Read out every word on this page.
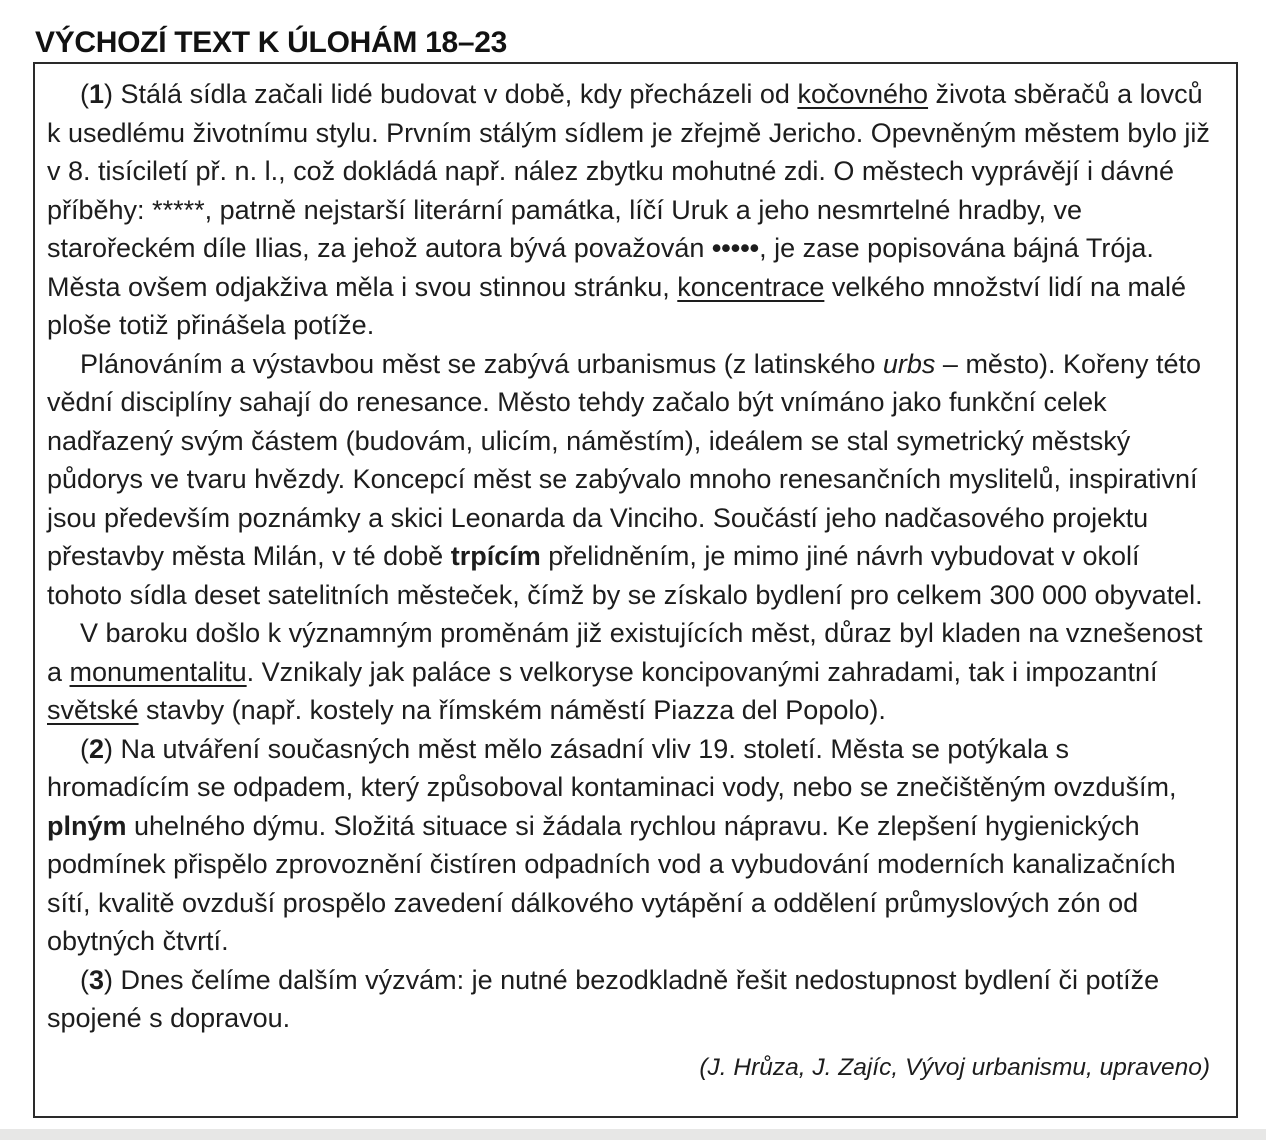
VÝCHOZÍ TEXT K ÚLOHÁM 18–23

(1) Stálá sídla začali lidé budovat v době, kdy přecházeli od kočovného života sběračů a lovců k usedlému životnímu stylu. Prvním stálým sídlem je zřejmě Jericho. Opevněným městem bylo již v 8. tisíciletí př. n. l., což dokládá např. nález zbytku mohutné zdi. O městech vyprávějí i dávné příběhy: *****, patrně nejstarší literární památka, líčí Uruk a jeho nesmrtelné hradby, ve starořeckém díle Ilias, za jehož autora bývá považován •••••, je zase popisována bájná Trója. Města ovšem odjakživa měla i svou stinnou stránku, koncentrace velkého množství lidí na malé ploše totiž přinášela potíže.

Plánováním a výstavbou měst se zabývá urbanismus (z latinského urbs – město). Kořeny této vědní disciplíny sahají do renesance. Město tehdy začalo být vnímáno jako funkční celek nadřazený svým částem (budovám, ulicím, náměstím), ideálem se stal symetrický městský půdorys ve tvaru hvězdy. Koncepcí měst se zabývalo mnoho renesančních myslitelů, inspirativní jsou především poznámky a skici Leonarda da Vinciho. Součástí jeho nadčasového projektu přestavby města Milán, v té době trpícím přelidněním, je mimo jiné návrh vybudovat v okolí tohoto sídla deset satelitních městeček, čímž by se získalo bydlení pro celkem 300 000 obyvatel.

V baroku došlo k významným proměnám již existujících měst, důraz byl kladen na vznešenost a monumentalitu. Vznikaly jak paláce s velkoryse koncipovanými zahradami, tak i impozantní světské stavby (např. kostely na římském náměstí Piazza del Popolo).

(2) Na utváření současných měst mělo zásadní vliv 19. století. Města se potýkala s hromadícím se odpadem, který způsoboval kontaminaci vody, nebo se znečištěným ovzduším, plným uhelného dýmu. Složitá situace si žádala rychlou nápravu. Ke zlepšení hygienických podmínek přispělo zprovoznění čistíren odpadních vod a vybudování moderních kanalizačních sítí, kvalitě ovzduší prospělo zavedení dálkového vytápění a oddělení průmyslových zón od obytných čtvrtí.

(3) Dnes čelíme dalším výzvám: je nutné bezodkladně řešit nedostupnost bydlení či potíže spojené s dopravou.

(J. Hrůza, J. Zajíc, Vývoj urbanismu, upraveno)
